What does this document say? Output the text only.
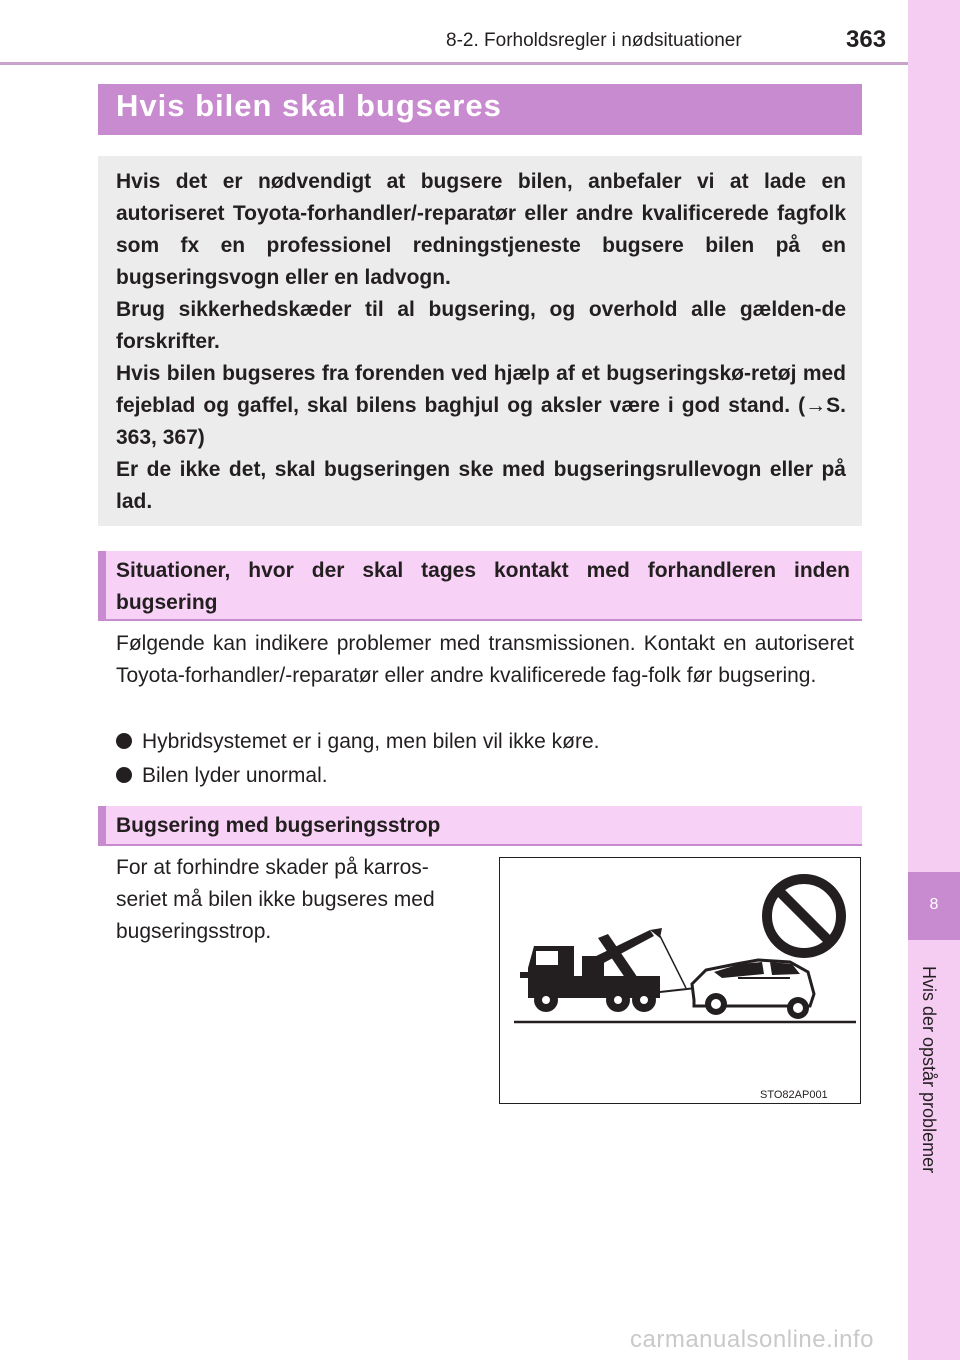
8-2. Forholdsregler i nødsituationer	363
8
Hvis der opstår problemer
Hvis bilen skal bugseres

Hvis det er nødvendigt at bugsere bilen, anbefaler vi at lade en autoriseret Toyota-forhandler/-reparatør eller andre kvalificerede fagfolk som fx en professionel redningstjeneste bugsere bilen på en bugseringsvogn eller en ladvogn.

Brug sikkerhedskæder til al bugsering, og overhold alle gælden-de forskrifter.

Hvis bilen bugseres fra forenden ved hjælp af et bugseringskø-retøj med fejeblad og gaffel, skal bilens baghjul og aksler være i god stand. (→S. 363, 367)

Er de ikke det, skal bugseringen ske med bugseringsrullevogn eller på lad.

Situationer, hvor der skal tages kontakt med forhandleren inden bugsering

Følgende kan indikere problemer med transmissionen. Kontakt en autoriseret Toyota-forhandler/-reparatør eller andre kvalificerede fag-folk før bugsering.

Hybridsystemet er i gang, men bilen vil ikke køre.
Bilen lyder unormal.
Bugsering med bugseringsstrop
For at forhindre skader på karros-seriet må bilen ikke bugseres med bugseringsstrop.
STO82AP001
carmanualsonline.info
